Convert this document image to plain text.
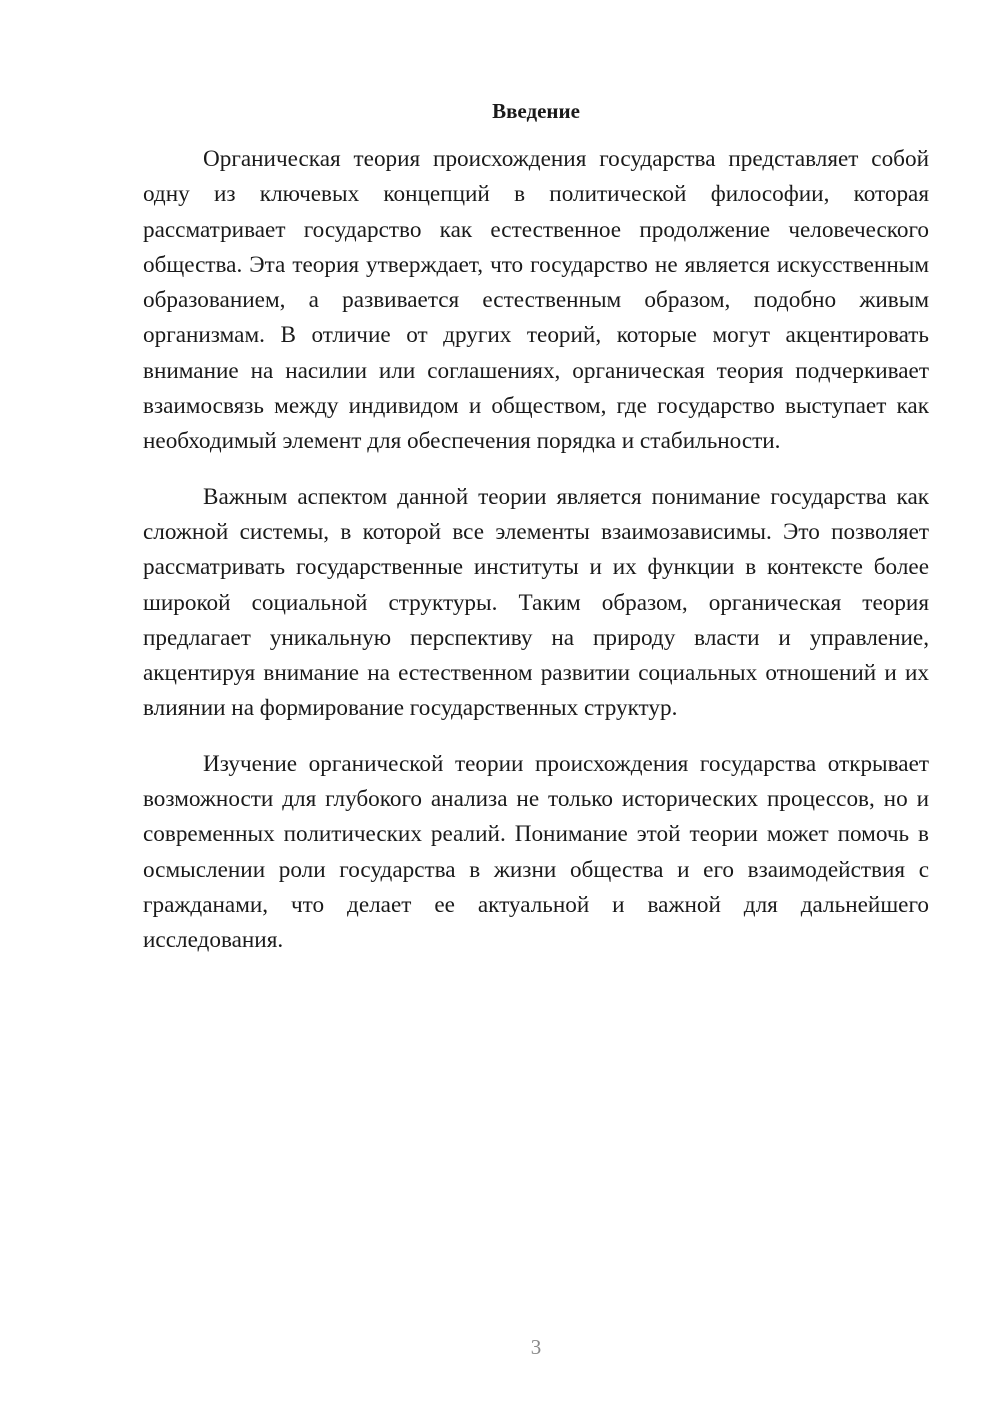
Введение

Органическая теория происхождения государства представляет собой одну из ключевых концепций в политической философии, которая рассматривает государство как естественное продолжение человеческого общества. Эта теория утверждает, что государство не является искусственным образованием, а развивается естественным образом, подобно живым организмам. В отличие от других теорий, которые могут акцентировать внимание на насилии или соглашениях, органическая теория подчеркивает взаимосвязь между индивидом и обществом, где государство выступает как необходимый элемент для обеспечения порядка и стабильности.

Важным аспектом данной теории является понимание государства как сложной системы, в которой все элементы взаимозависимы. Это позволяет рассматривать государственные институты и их функции в контексте более широкой социальной структуры. Таким образом, органическая теория предлагает уникальную перспективу на природу власти и управление, акцентируя внимание на естественном развитии социальных отношений и их влиянии на формирование государственных структур.

Изучение органической теории происхождения государства открывает возможности для глубокого анализа не только исторических процессов, но и современных политических реалий. Понимание этой теории может помочь в осмыслении роли государства в жизни общества и его взаимодействия с гражданами, что делает ее актуальной и важной для дальнейшего исследования.

3
